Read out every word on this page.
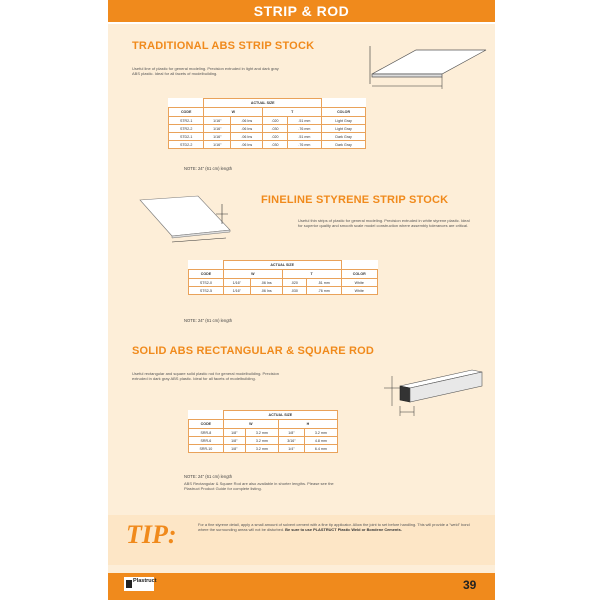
STRIP & ROD
TRADITIONAL ABS STRIP STOCK
Useful line of plastic for general modeling. Precision extruded in light and dark gray ABS plastic. Ideal for all facets of modelbuilding.
	ACTUAL SIZE				
CODE	W		T		COLOR
STR2-1	1/16"	.06 Ins	.020	.51 mm	Light Gray
STR2-2	1/16"	.06 Ins	.030	.76 mm	Light Gray
STD2-1	1/16"	.06 Ins	.020	.51 mm	Dark Gray
STD2-2	1/16"	.06 Ins	.030	.76 mm	Dark Gray
NOTE: 24" (61 cm) length
FINELINE STYRENE STRIP STOCK
Useful thin strips of plastic for general modeling. Precision extruded in white styrene plastic. Ideal for superior quality and smooth scale model construction where assembly tolerances are critical.
	ACTUAL SIZE				
CODE	W		T		COLOR
STS2-0	1/16"	.06 Ins	.020	.51 mm	White
STS2-5	1/16"	.06 Ins	.030	.76 mm	White
NOTE: 24" (61 cm) length
SOLID ABS RECTANGULAR & SQUARE ROD
Useful rectangular and square solid plastic rod for general modelbuilding. Precision extruded in dark gray ABS plastic. Ideal for all facets of modelbuilding.
	ACTUAL SIZE			
CODE	W		H	
SRR-8	1/8"	3.2 mm	1/8"	3.2 mm
SRR-6	1/8"	3.2 mm	3/16"	4.8 mm
SRR-10	1/8"	3.2 mm	1/4"	6.4 mm
NOTE: 24" (61 cm) length
ABS Rectangular & Square Rod are also available in shorter lengths. Please see the Plastruct Product Guide for complete listing.
TIP:	For a fine styrene detail, apply a small amount of solvent cement with a fine tip applicator. Allow the joint to set before handling. This will provide a "weld" bond where the surrounding areas will not be disturbed. Be sure to use PLASTRUCT Plastic Weld or Bondene Cements.
Plastruct	39
